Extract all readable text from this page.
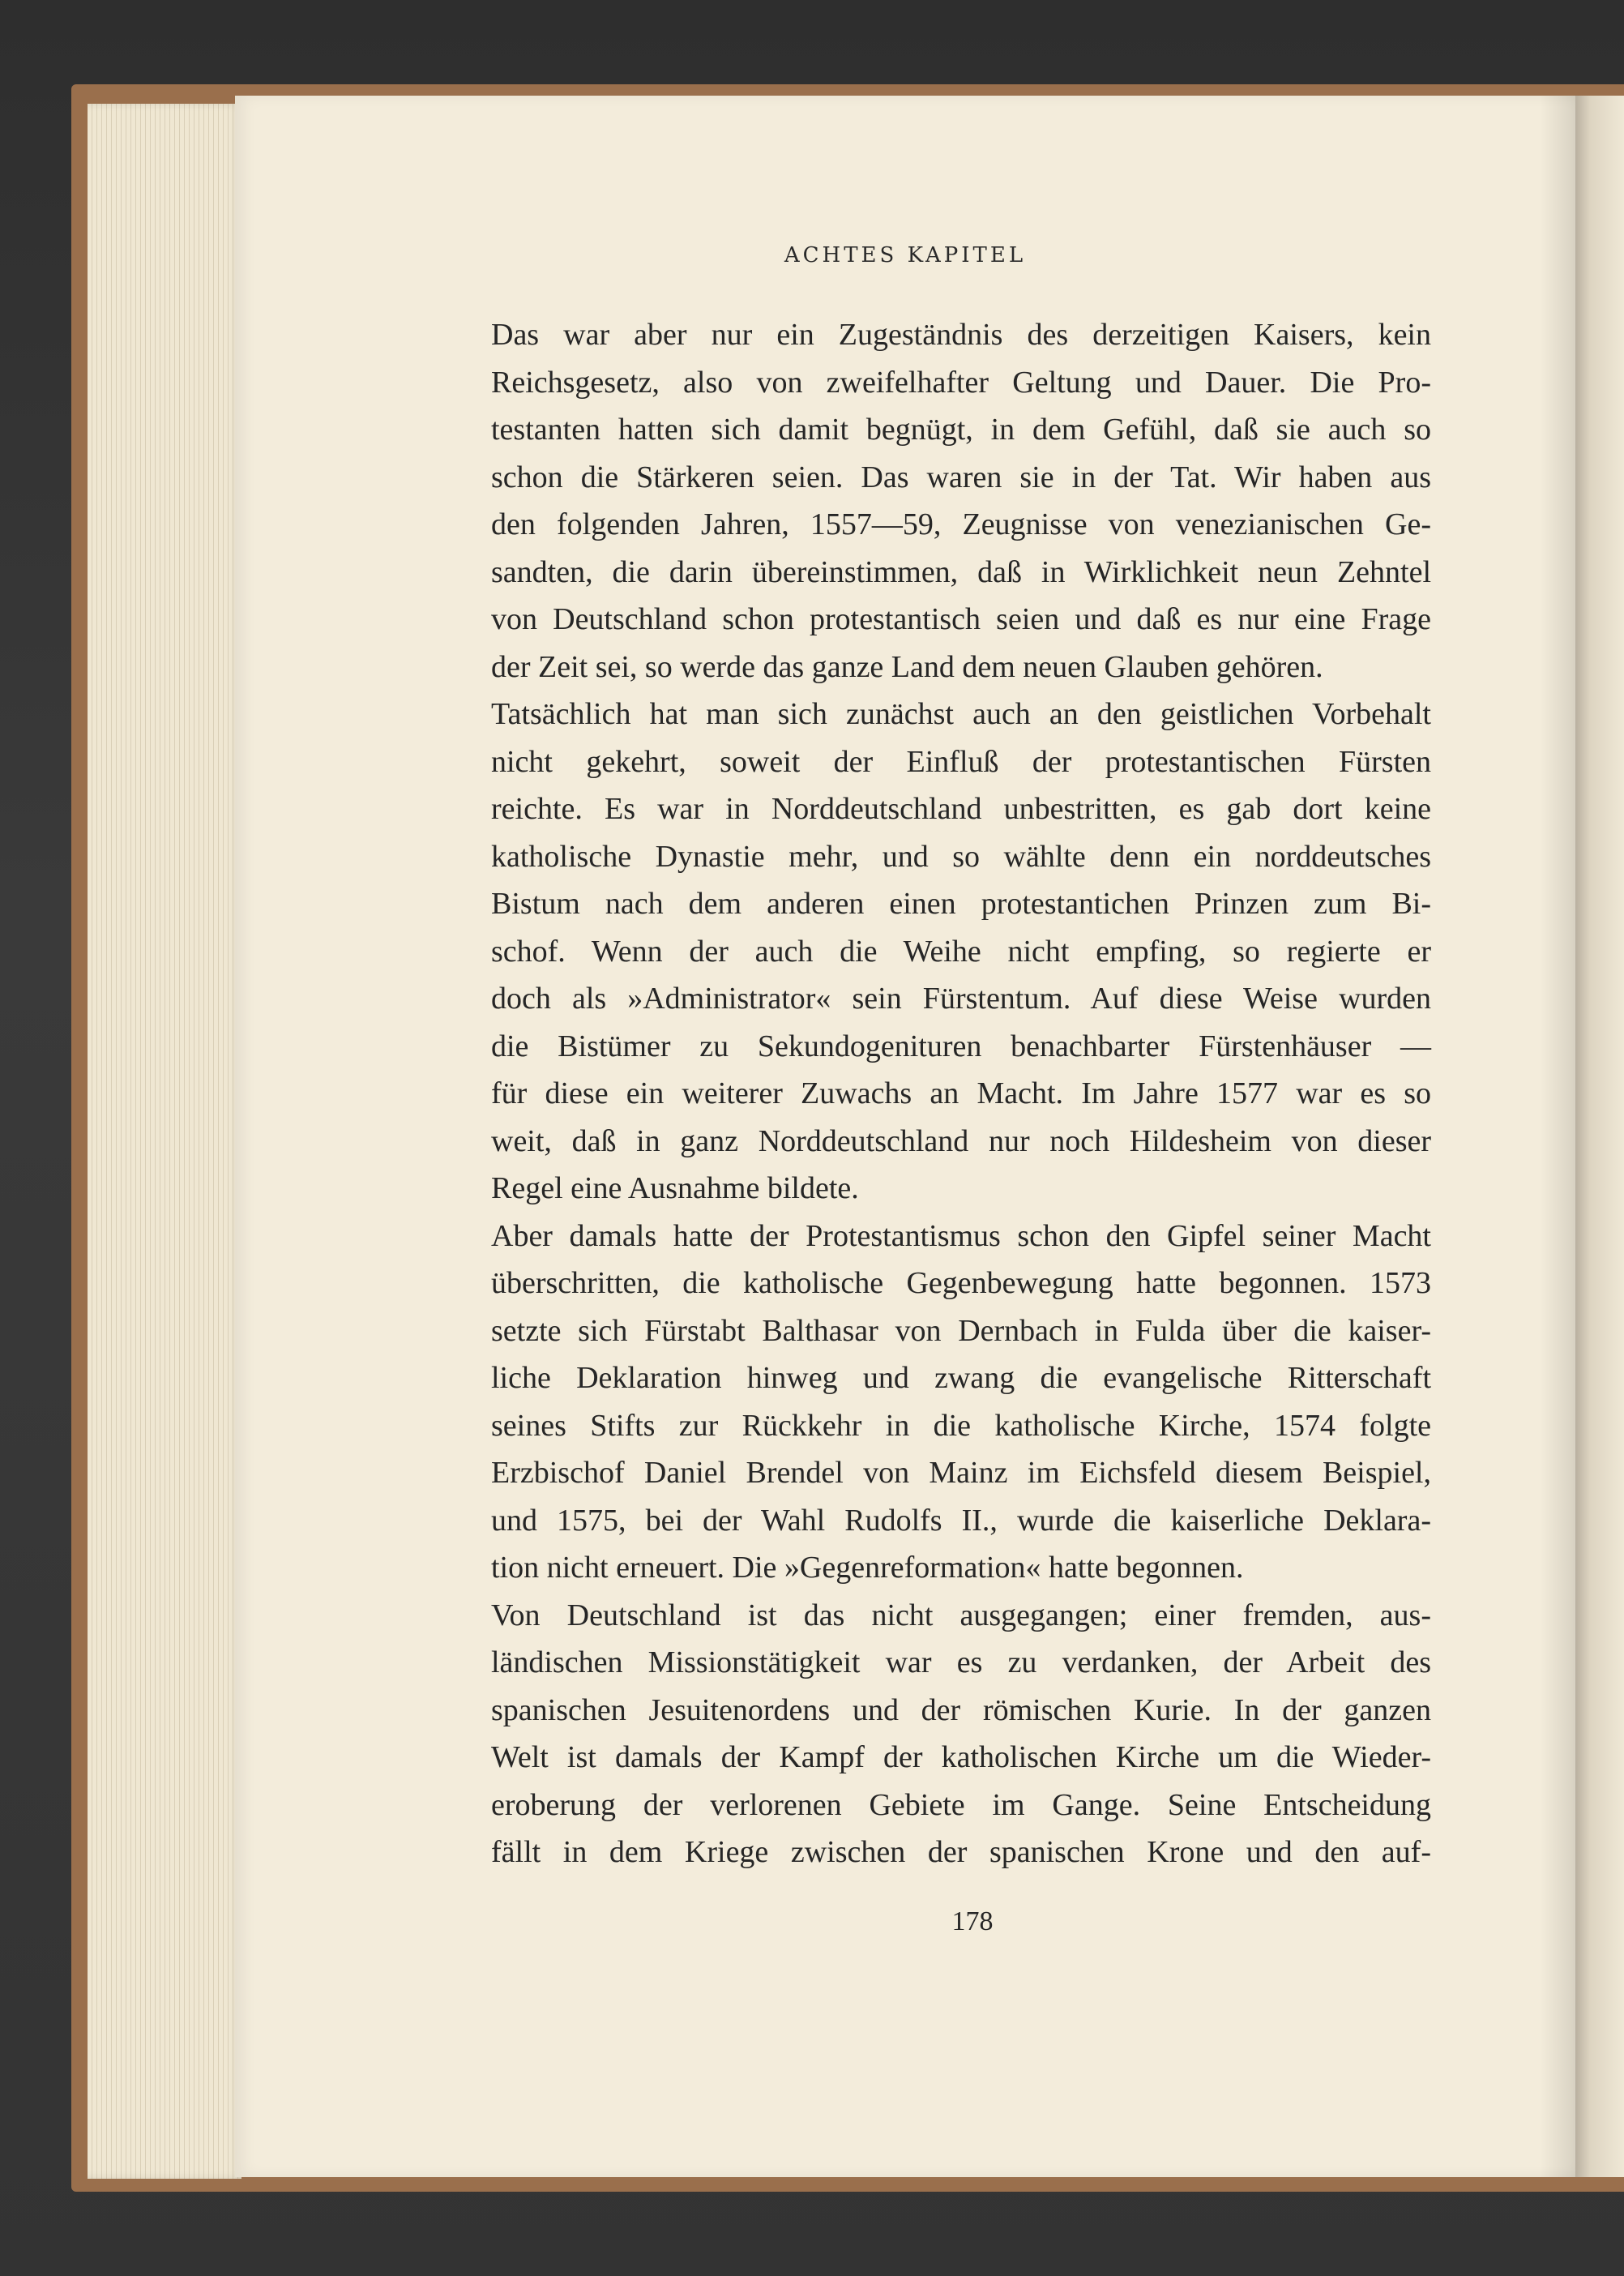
ACHTES KAPITEL
Das war aber nur ein Zugeständnis des derzeitigen Kaisers, kein
Reichsgesetz, also von zweifelhafter Geltung und Dauer. Die Pro-
testanten hatten sich damit begnügt, in dem Gefühl, daß sie auch so
schon die Stärkeren seien. Das waren sie in der Tat. Wir haben aus
den folgenden Jahren, 1557—59, Zeugnisse von venezianischen Ge-
sandten, die darin übereinstimmen, daß in Wirklichkeit neun Zehntel
von Deutschland schon protestantisch seien und daß es nur eine Frage
der Zeit sei, so werde das ganze Land dem neuen Glauben gehören.
Tatsächlich hat man sich zunächst auch an den geistlichen Vorbehalt
nicht gekehrt, soweit der Einfluß der protestantischen Fürsten
reichte. Es war in Norddeutschland unbestritten, es gab dort keine
katholische Dynastie mehr, und so wählte denn ein norddeutsches
Bistum nach dem anderen einen protestantichen Prinzen zum Bi-
schof. Wenn der auch die Weihe nicht empfing, so regierte er
doch als »Administrator« sein Fürstentum. Auf diese Weise wurden
die Bistümer zu Sekundogenituren benachbarter Fürstenhäuser —
für diese ein weiterer Zuwachs an Macht. Im Jahre 1577 war es so
weit, daß in ganz Norddeutschland nur noch Hildesheim von dieser
Regel eine Ausnahme bildete.
Aber damals hatte der Protestantismus schon den Gipfel seiner Macht
überschritten, die katholische Gegenbewegung hatte begonnen. 1573
setzte sich Fürstabt Balthasar von Dernbach in Fulda über die kaiser-
liche Deklaration hinweg und zwang die evangelische Ritterschaft
seines Stifts zur Rückkehr in die katholische Kirche, 1574 folgte
Erzbischof Daniel Brendel von Mainz im Eichsfeld diesem Beispiel,
und 1575, bei der Wahl Rudolfs II., wurde die kaiserliche Deklara-
tion nicht erneuert. Die »Gegenreformation« hatte begonnen.
Von Deutschland ist das nicht ausgegangen; einer fremden, aus-
ländischen Missionstätigkeit war es zu verdanken, der Arbeit des
spanischen Jesuitenordens und der römischen Kurie. In der ganzen
Welt ist damals der Kampf der katholischen Kirche um die Wieder-
eroberung der verlorenen Gebiete im Gange. Seine Entscheidung
fällt in dem Kriege zwischen der spanischen Krone und den auf-
178
